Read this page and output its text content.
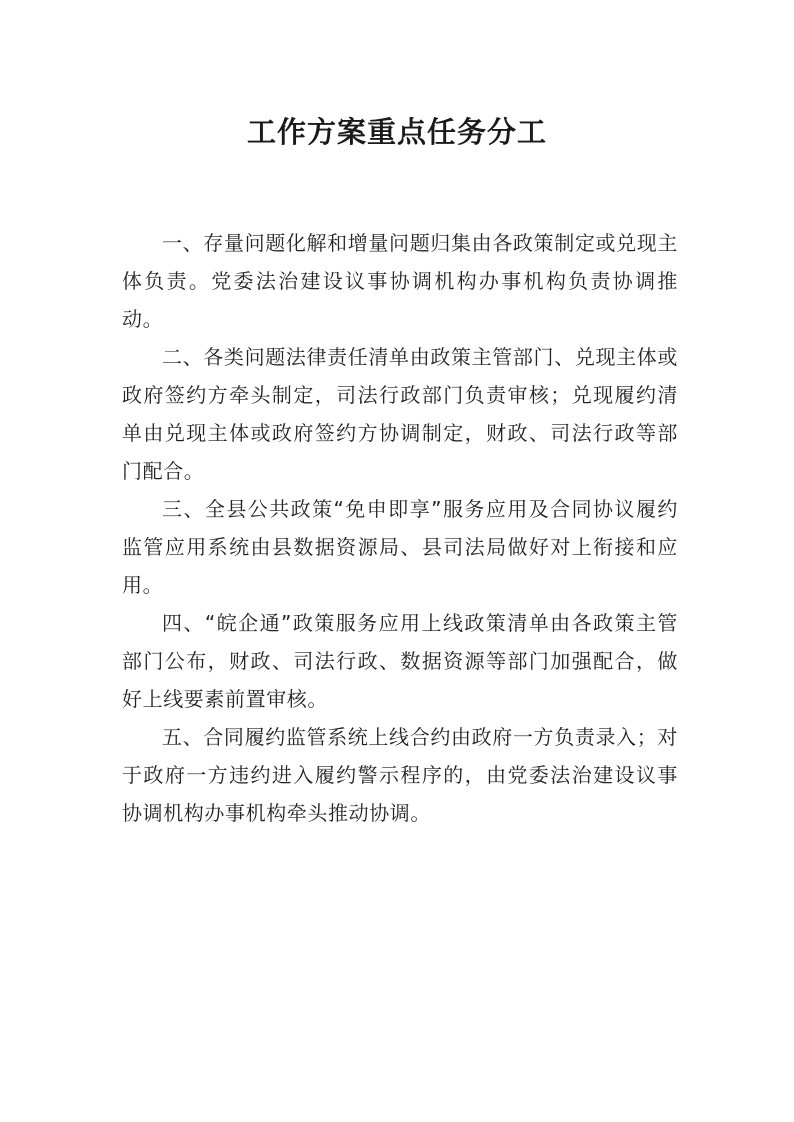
工作方案重点任务分工

一、存量问题化解和增量问题归集由各政策制定或兑现主体负责。党委法治建设议事协调机构办事机构负责协调推动。

二、各类问题法律责任清单由政策主管部门、兑现主体或政府签约方牵头制定，司法行政部门负责审核；兑现履约清单由兑现主体或政府签约方协调制定，财政、司法行政等部门配合。

三、全县公共政策“免申即享”服务应用及合同协议履约监管应用系统由县数据资源局、县司法局做好对上衔接和应用。

四、“皖企通”政策服务应用上线政策清单由各政策主管部门公布，财政、司法行政、数据资源等部门加强配合，做好上线要素前置审核。

五、合同履约监管系统上线合约由政府一方负责录入；对于政府一方违约进入履约警示程序的，由党委法治建设议事协调机构办事机构牵头推动协调。
